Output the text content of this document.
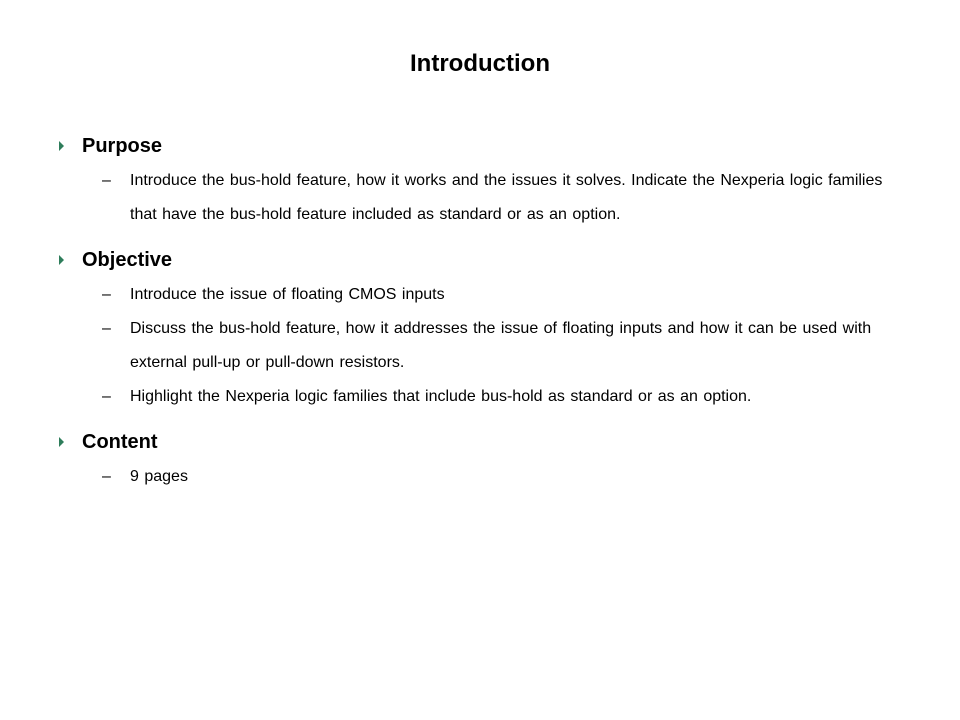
Introduction
Purpose
– Introduce the bus-hold feature, how it works and the issues it solves. Indicate the Nexperia logic families that have the bus-hold feature included as standard or as an option.
Objective
– Introduce the issue of floating CMOS inputs
– Discuss the bus-hold feature, how it addresses the issue of floating inputs and how it can be used with external pull-up or pull-down resistors.
– Highlight the Nexperia logic families that include bus-hold as standard or as an option.
Content
– 9 pages
